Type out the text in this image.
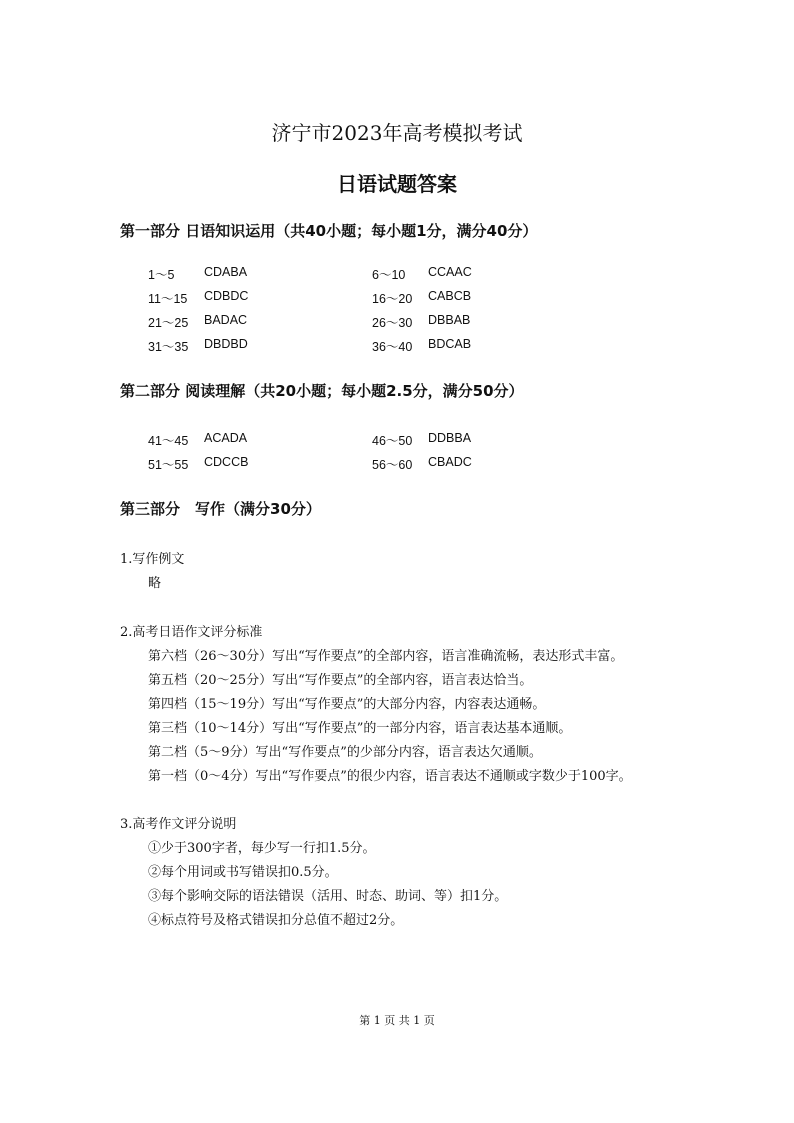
济宁市2023年高考模拟考试
日语试题答案
第一部分 日语知识运用（共40小题；每小题1分，满分40分）
1～5 CDABA	6～10 CCAAC
11～15 CDBDC	16～20 CABCB
21～25 BADAC	26～30 DBBAB
31～35 DBDBD	36～40 BDCAB
第二部分 阅读理解（共20小题；每小题2.5分，满分50分）
41～45 ACADA	46～50 DDBBA
51～55 CDCCB	56～60 CBADC
第三部分　写作（满分30分）
1.写作例文
略
2.高考日语作文评分标准
第六档（26～30分）写出“写作要点”的全部内容，语言准确流畅，表达形式丰富。
第五档（20～25分）写出“写作要点”的全部内容，语言表达恰当。
第四档（15～19分）写出“写作要点”的大部分内容，内容表达通畅。
第三档（10～14分）写出“写作要点”的一部分内容，语言表达基本通顺。
第二档（5～9分）写出“写作要点”的少部分内容，语言表达欠通顺。
第一档（0～4分）写出“写作要点”的很少内容，语言表达不通顺或字数少于100字。
3.高考作文评分说明
①少于300字者，每少写一行扣1.5分。
②每个用词或书写错误扣0.5分。
③每个影响交际的语法错误（活用、时态、助词、等）扣1分。
④标点符号及格式错误扣分总值不超过2分。
第 1 页 共 1 页
